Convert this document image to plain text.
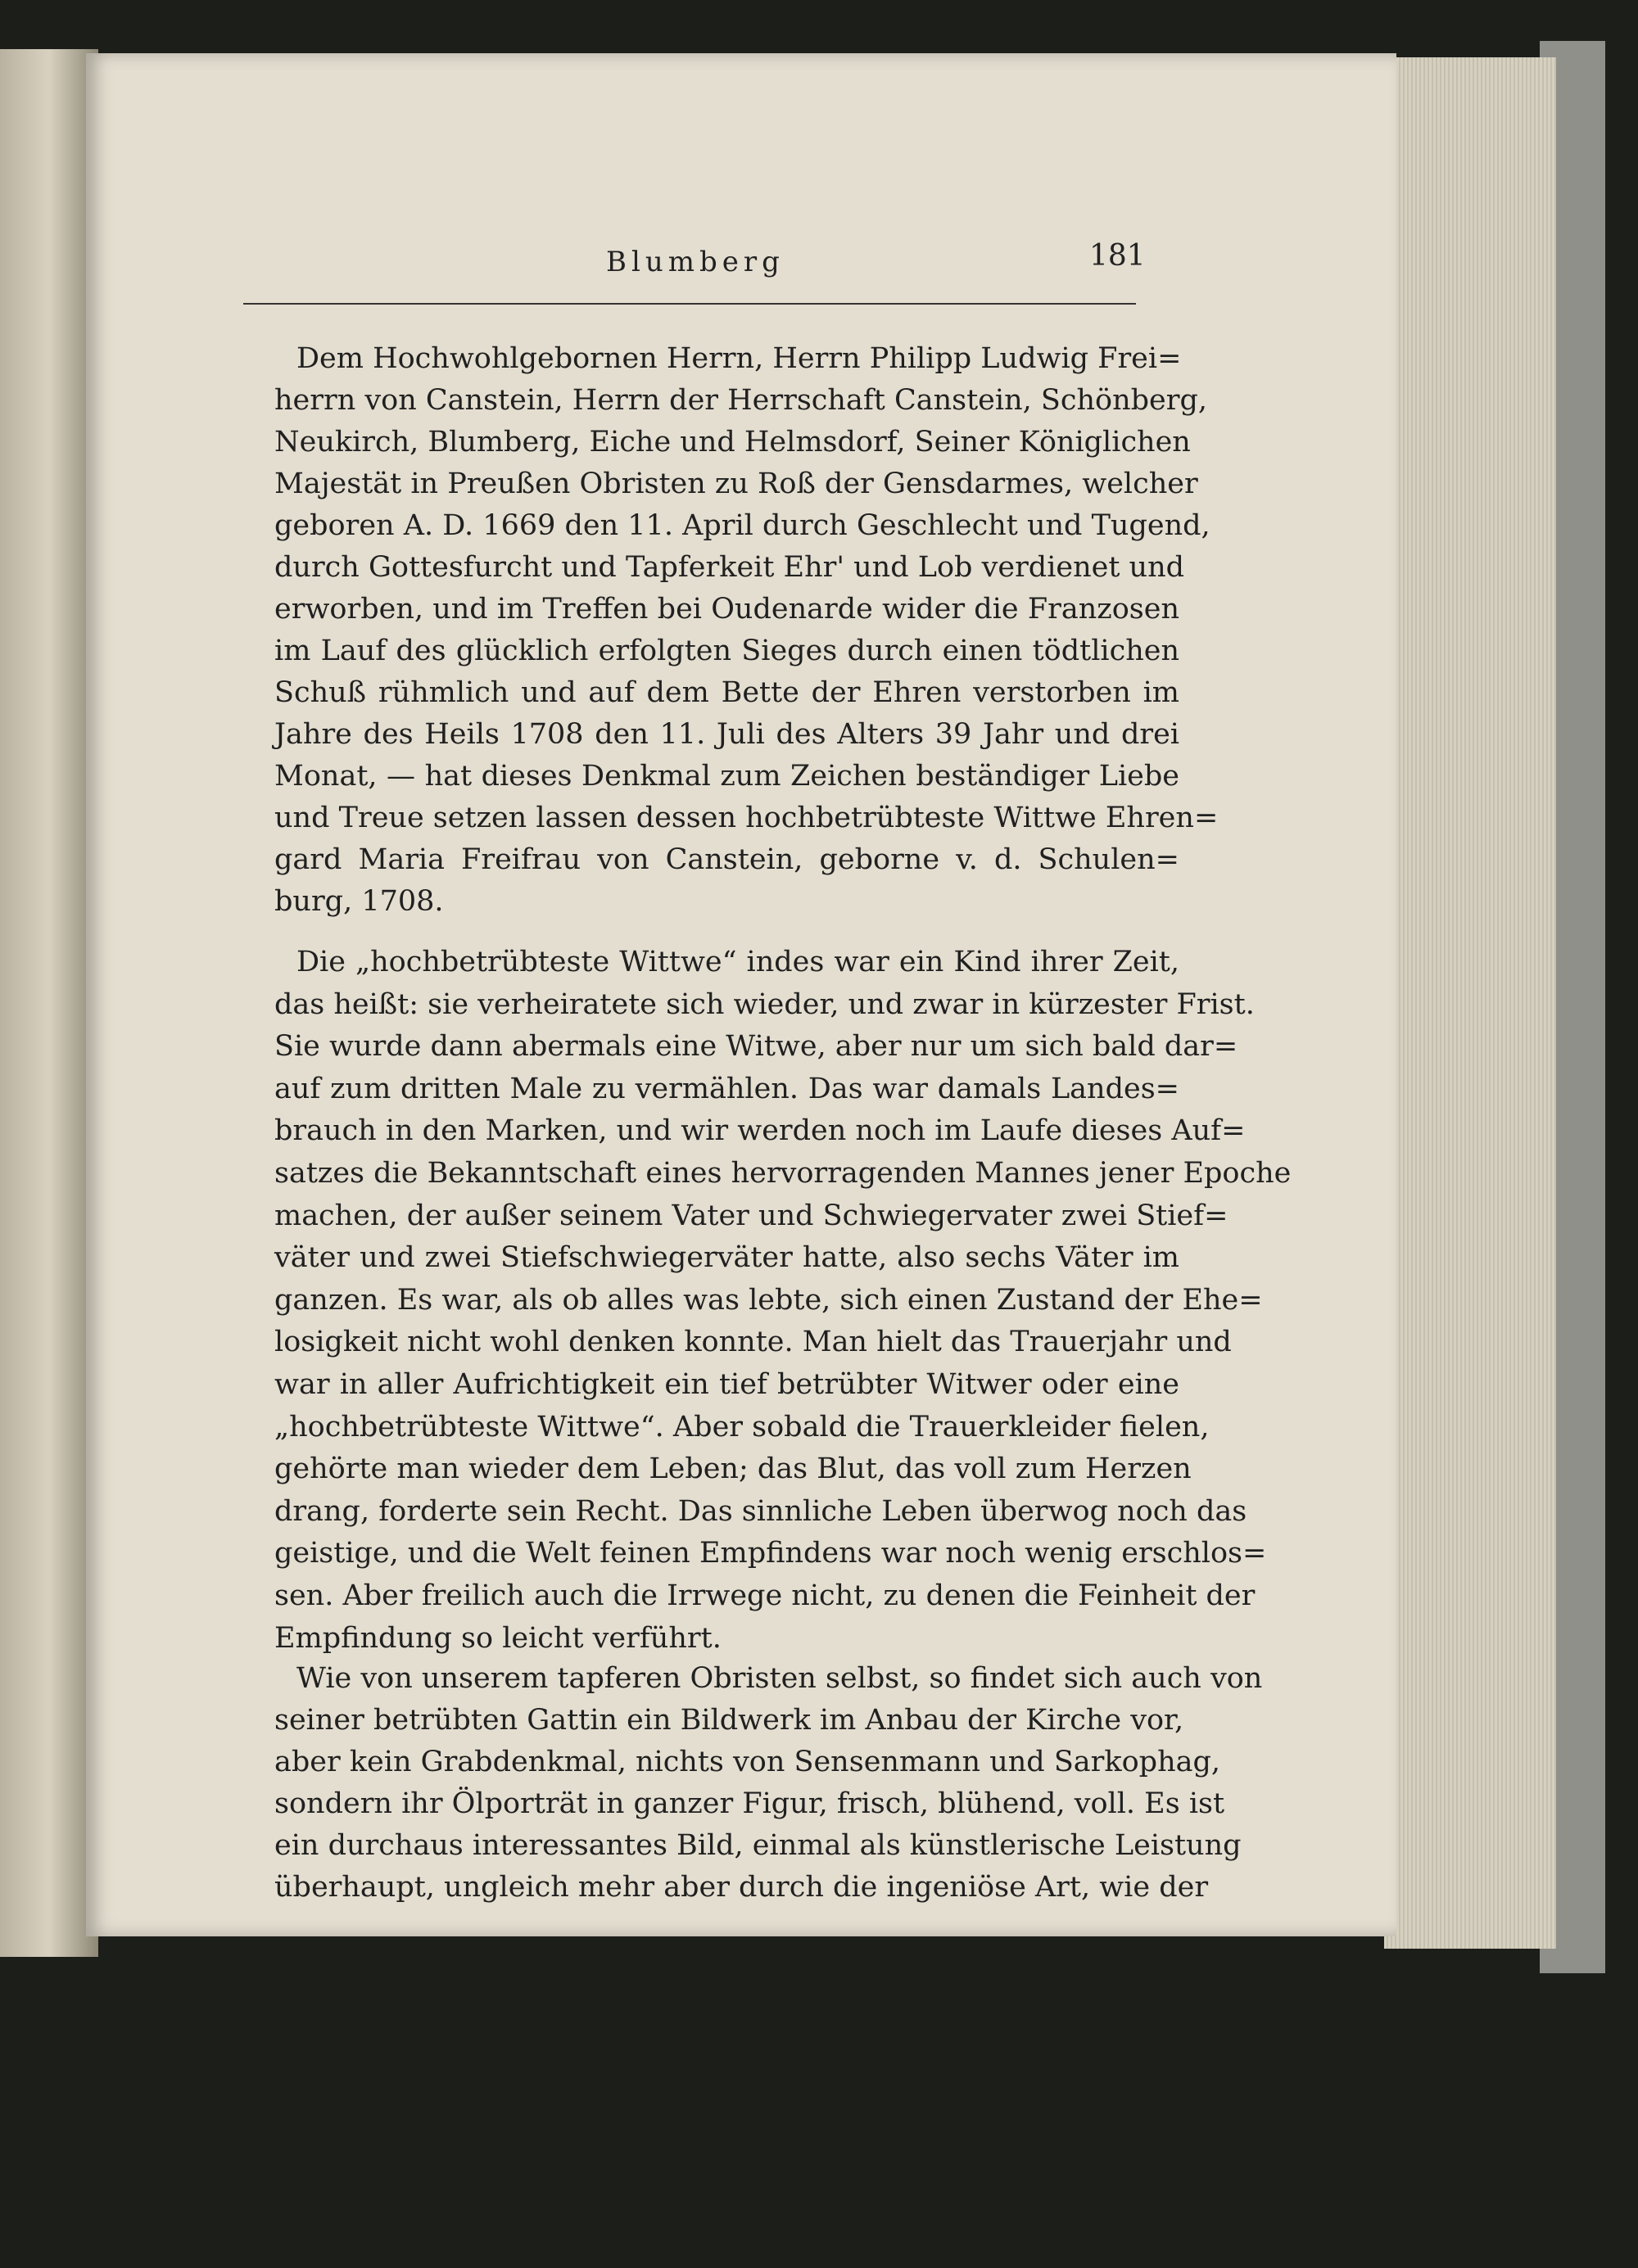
Blumberg	181
Dem Hochwohlgebornen Herrn, Herrn Philipp Ludwig Frei=
herrn von Canstein, Herrn der Herrschaft Canstein, Schönberg,
Neukirch, Blumberg, Eiche und Helmsdorf, Seiner Königlichen
Majestät in Preußen Obristen zu Roß der Gensdarmes, welcher
geboren A. D. 1669 den 11. April durch Geschlecht und Tugend,
durch Gottesfurcht und Tapferkeit Ehr' und Lob verdienet und
erworben, und im Treffen bei Oudenarde wider die Franzosen
im Lauf des glücklich erfolgten Sieges durch einen tödtlichen
Schuß rühmlich und auf dem Bette der Ehren verstorben im
Jahre des Heils 1708 den 11. Juli des Alters 39 Jahr und drei
Monat, — hat dieses Denkmal zum Zeichen beständiger Liebe
und Treue setzen lassen dessen hochbetrübteste Wittwe Ehren=
gard Maria Freifrau von Canstein, geborne v. d. Schulen=
burg, 1708.
Die „hochbetrübteste Wittwe“ indes war ein Kind ihrer Zeit,
das heißt: sie verheiratete sich wieder, und zwar in kürzester Frist.
Sie wurde dann abermals eine Witwe, aber nur um sich bald dar=
auf zum dritten Male zu vermählen. Das war damals Landes=
brauch in den Marken, und wir werden noch im Laufe dieses Auf=
satzes die Bekanntschaft eines hervorragenden Mannes jener Epoche
machen, der außer seinem Vater und Schwiegervater zwei Stief=
väter und zwei Stiefschwiegerväter hatte, also sechs Väter im
ganzen. Es war, als ob alles was lebte, sich einen Zustand der Ehe=
losigkeit nicht wohl denken konnte. Man hielt das Trauerjahr und
war in aller Aufrichtigkeit ein tief betrübter Witwer oder eine
„hochbetrübteste Wittwe“. Aber sobald die Trauerkleider fielen,
gehörte man wieder dem Leben; das Blut, das voll zum Herzen
drang, forderte sein Recht. Das sinnliche Leben überwog noch das
geistige, und die Welt feinen Empfindens war noch wenig erschlos=
sen. Aber freilich auch die Irrwege nicht, zu denen die Feinheit der
Empfindung so leicht verführt.
Wie von unserem tapferen Obristen selbst, so findet sich auch von
seiner betrübten Gattin ein Bildwerk im Anbau der Kirche vor,
aber kein Grabdenkmal, nichts von Sensenmann und Sarkophag,
sondern ihr Ölporträt in ganzer Figur, frisch, blühend, voll. Es ist
ein durchaus interessantes Bild, einmal als künstlerische Leistung
überhaupt, ungleich mehr aber durch die ingeniöse Art, wie der
